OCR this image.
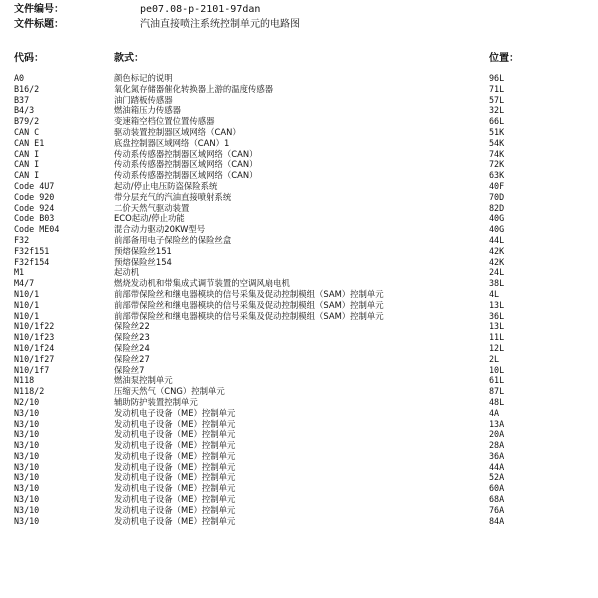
文件编号：	pe07.08-p-2101-97dan
文件标题：	汽油直接喷注系统控制单元的电路图
代码：	款式：	位置：
A0	颜色标记的说明	96L
B16/2	氧化氮存储器催化转换器上游的温度传感器	71L
B37	油门踏板传感器	57L
B4/3	燃油箱压力传感器	32L
B79/2	变速箱空档位置位置传感器	66L
CAN C	驱动装置控制器区域网络（CAN）	51K
CAN E1	底盘控制器区域网络（CAN）1	54K
CAN I	传动系传感器控制器区域网络（CAN）	74K
CAN I	传动系传感器控制器区域网络（CAN）	72K
CAN I	传动系传感器控制器区域网络（CAN）	63K
Code 4U7	起动/停止电压防盗保险系统	40F
Code 920	带分层充气的汽油直接喷射系统	70D
Code 924	二价天然气驱动装置	82D
Code B03	ECO起动/停止功能	40G
Code ME04	混合动力驱动20KW型号	40G
F32	前部备用电子保险丝的保险丝盒	44L
F32f151	预熔保险丝151	42K
F32f154	预熔保险丝154	42K
M1	起动机	24L
M4/7	燃烧发动机和带集成式调节装置的空调风扇电机	38L
N10/1	前部带保险丝和继电器模块的信号采集及促动控制模组（SAM）控制单元	4L
N10/1	前部带保险丝和继电器模块的信号采集及促动控制模组（SAM）控制单元	13L
N10/1	前部带保险丝和继电器模块的信号采集及促动控制模组（SAM）控制单元	36L
N10/1f22	保险丝22	13L
N10/1f23	保险丝23	11L
N10/1f24	保险丝24	12L
N10/1f27	保险丝27	2L
N10/1f7	保险丝7	10L
N118	燃油泵控制单元	61L
N118/2	压缩天然气（CNG）控制单元	87L
N2/10	辅助防护装置控制单元	48L
N3/10	发动机电子设备（ME）控制单元	4A
N3/10	发动机电子设备（ME）控制单元	13A
N3/10	发动机电子设备（ME）控制单元	20A
N3/10	发动机电子设备（ME）控制单元	28A
N3/10	发动机电子设备（ME）控制单元	36A
N3/10	发动机电子设备（ME）控制单元	44A
N3/10	发动机电子设备（ME）控制单元	52A
N3/10	发动机电子设备（ME）控制单元	60A
N3/10	发动机电子设备（ME）控制单元	68A
N3/10	发动机电子设备（ME）控制单元	76A
N3/10	发动机电子设备（ME）控制单元	84A
